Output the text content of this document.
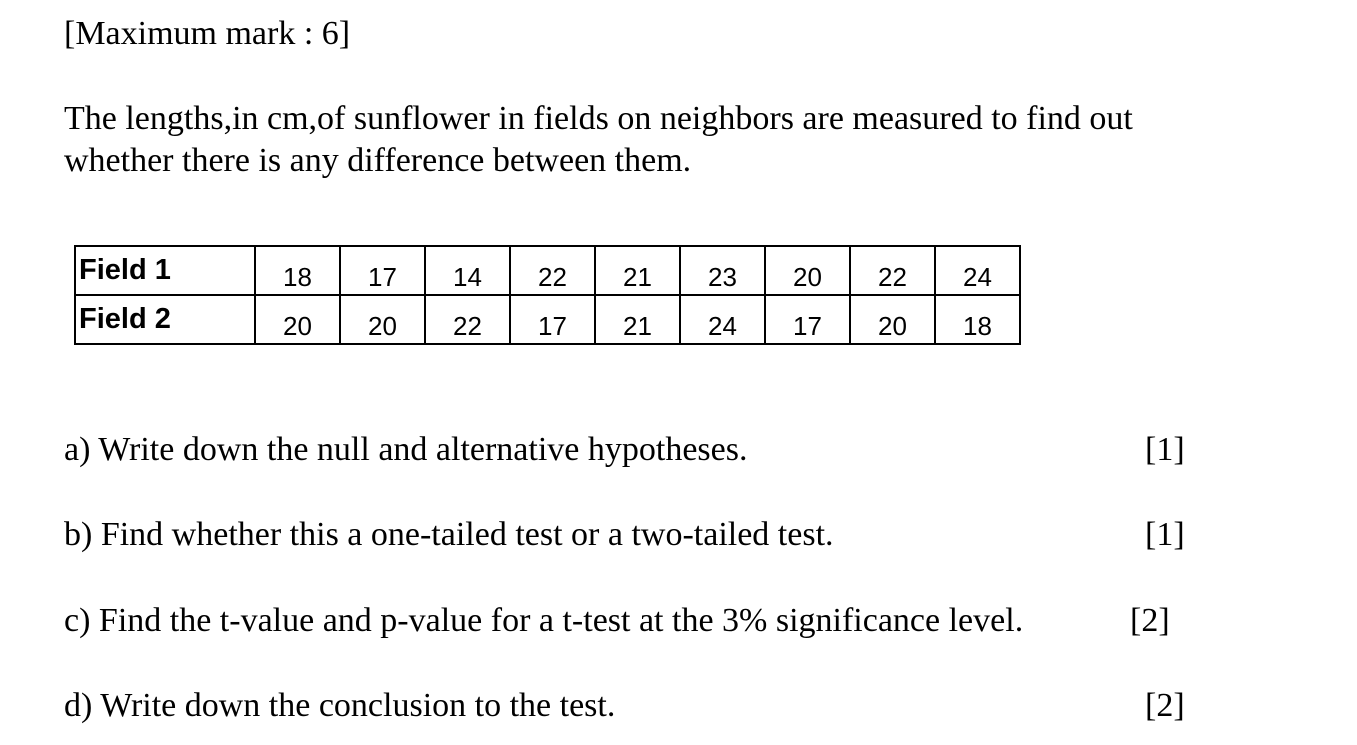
[Maximum mark : 6]
The lengths,in cm,of sunflower in fields on neighbors are measured to find out
whether there is any difference between them.
Field 1	18	17	14	22	21	23	20	22	24
Field 2	20	20	22	17	21	24	17	20	18
a) Write down the null and alternative hypotheses.	[1]
b) Find whether this a one-tailed test or a two-tailed test.	[1]
c) Find the t-value and p-value for a t-test at the 3% significance level.	[2]
d) Write down the conclusion to the test.	[2]
